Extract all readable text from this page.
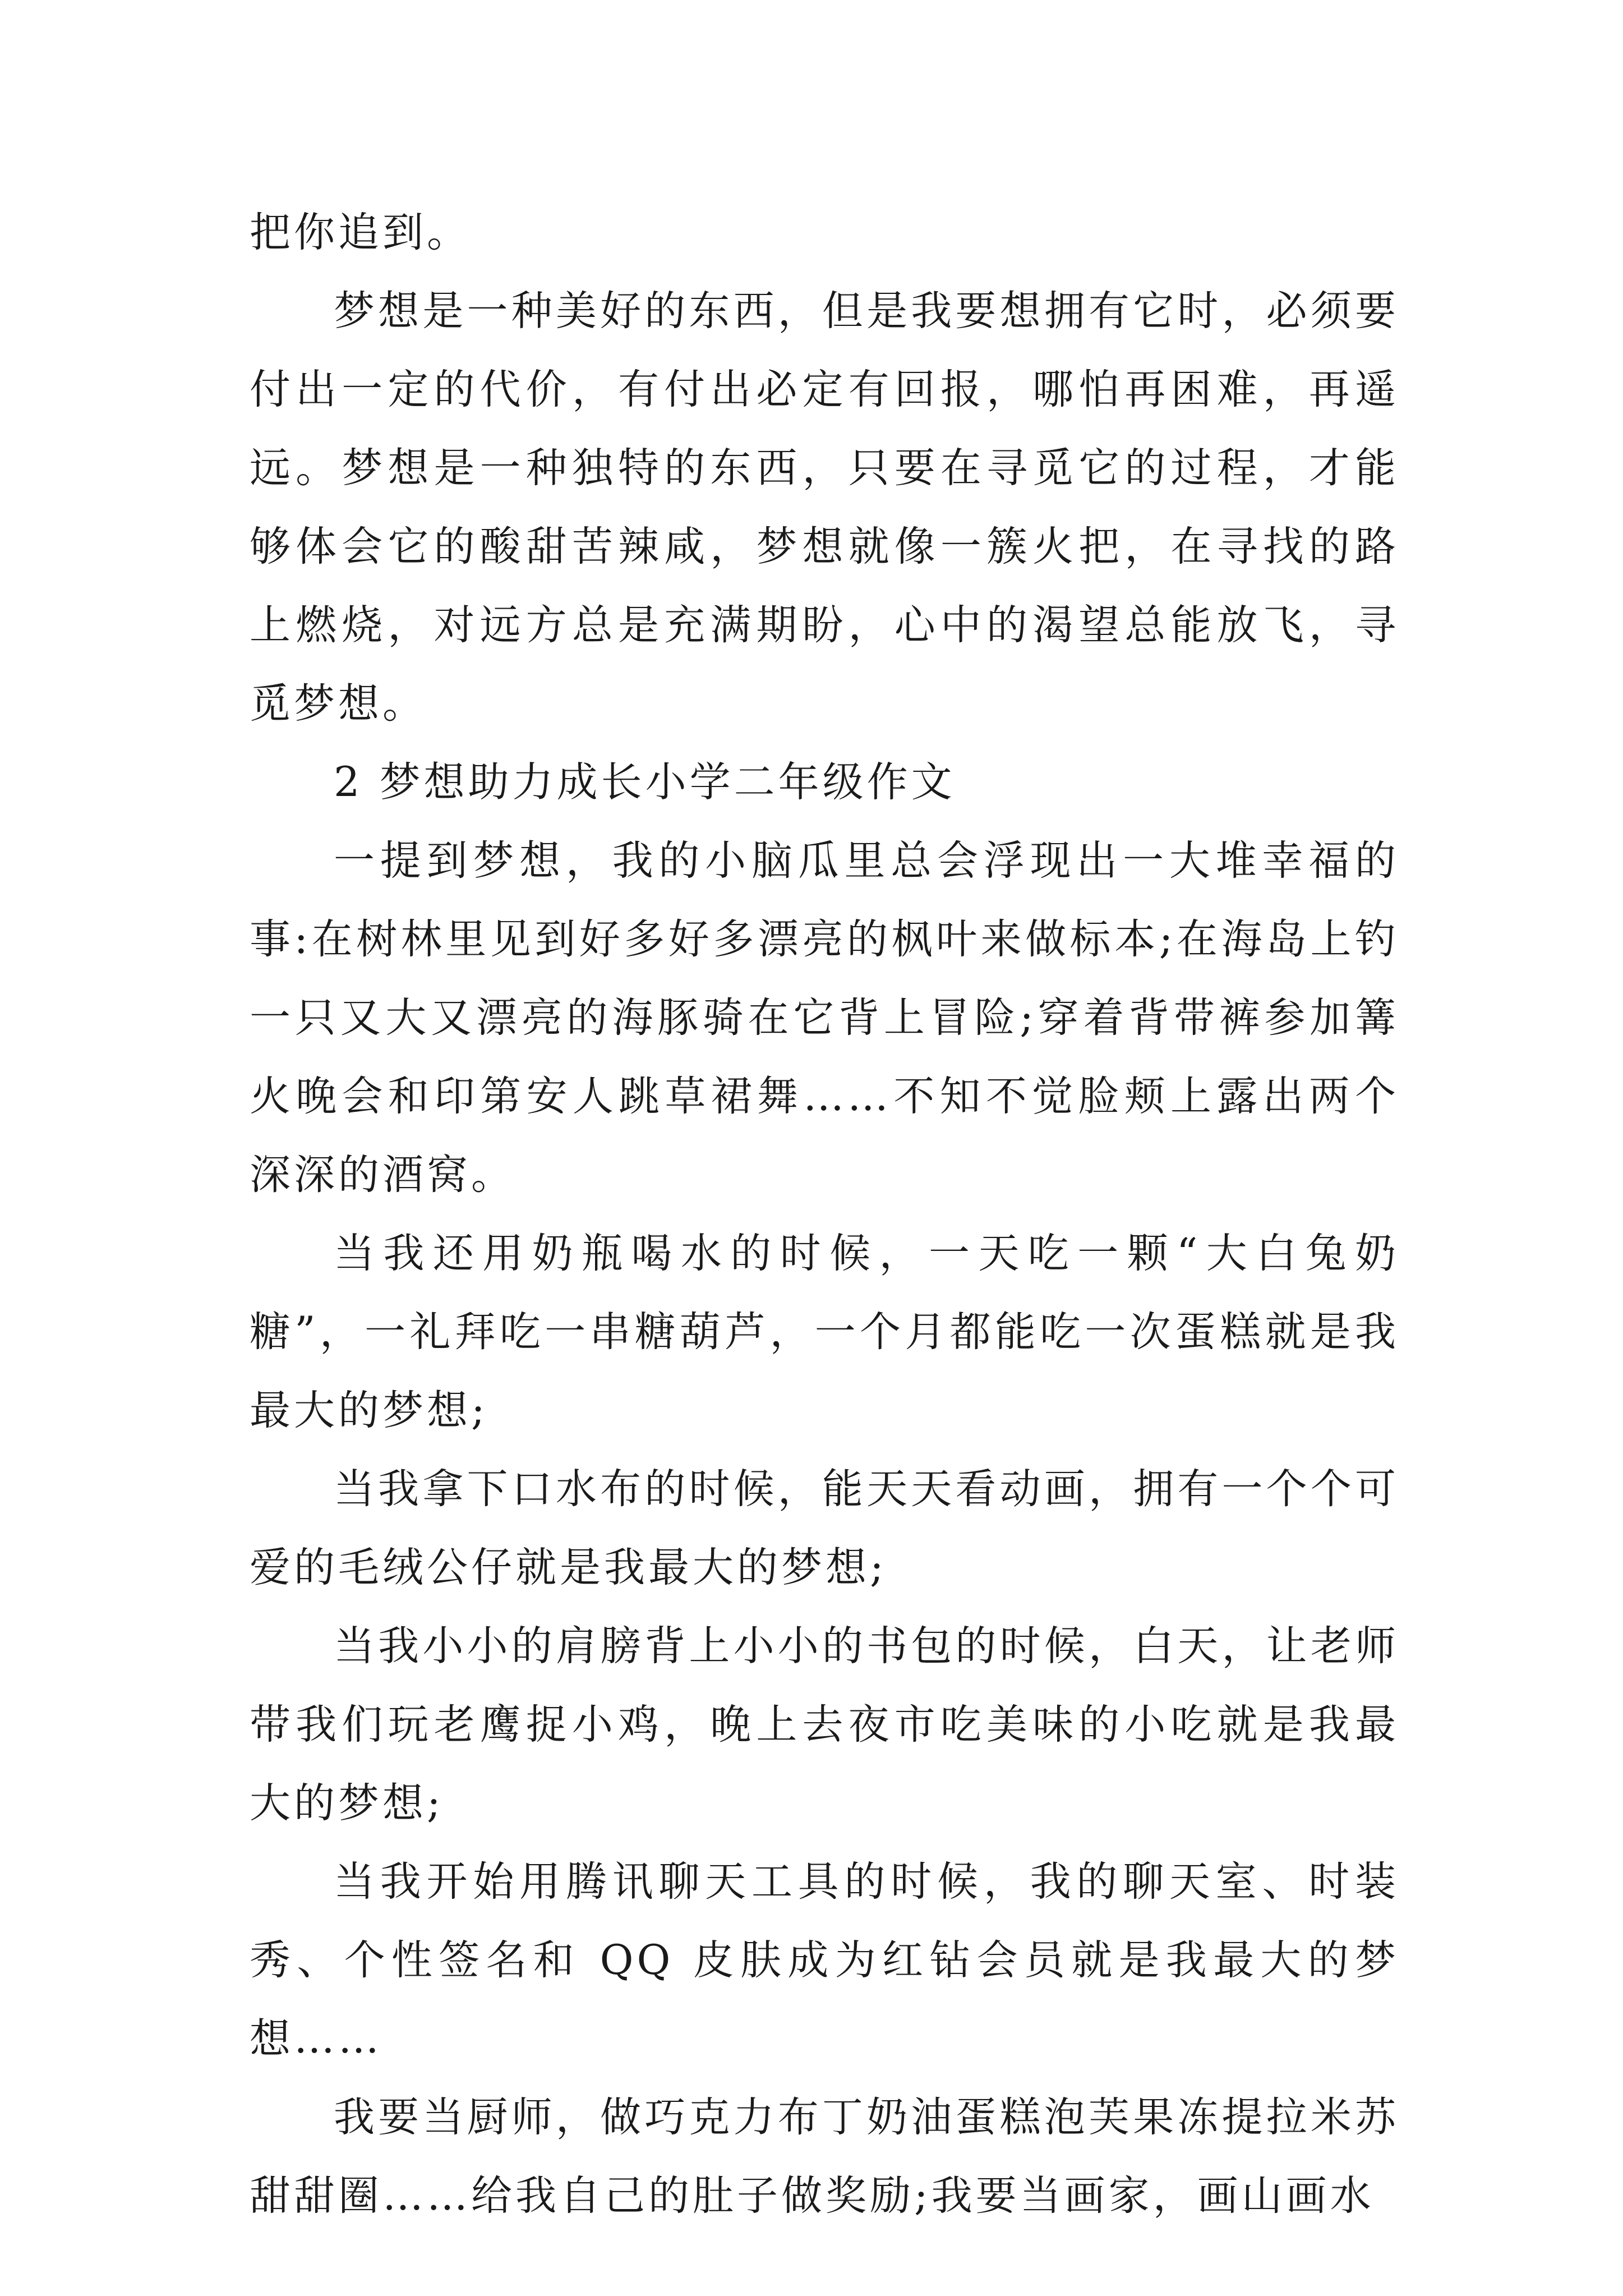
把你追到。

梦想是一种美好的东西，但是我要想拥有它时，必须要付出一定的代价，有付出必定有回报，哪怕再困难，再遥远。梦想是一种独特的东西，只要在寻觅它的过程，才能够体会它的酸甜苦辣咸，梦想就像一簇火把，在寻找的路上燃烧，对远方总是充满期盼，心中的渴望总能放飞，寻觅梦想。

2 梦想助力成长小学二年级作文

一提到梦想，我的小脑瓜里总会浮现出一大堆幸福的事:在树林里见到好多好多漂亮的枫叶来做标本;在海岛上钓一只又大又漂亮的海豚骑在它背上冒险;穿着背带裤参加篝火晚会和印第安人跳草裙舞……不知不觉脸颊上露出两个深深的酒窝。

当我还用奶瓶喝水的时候，一天吃一颗“大白兔奶糖”，一礼拜吃一串糖葫芦，一个月都能吃一次蛋糕就是我最大的梦想;

当我拿下口水布的时候，能天天看动画，拥有一个个可爱的毛绒公仔就是我最大的梦想;

当我小小的肩膀背上小小的书包的时候，白天，让老师带我们玩老鹰捉小鸡，晚上去夜市吃美味的小吃就是我最大的梦想;

当我开始用腾讯聊天工具的时候，我的聊天室、时装秀、个性签名和 QQ 皮肤成为红钻会员就是我最大的梦想……

我要当厨师，做巧克力布丁奶油蛋糕泡芙果冻提拉米苏甜甜圈……给我自己的肚子做奖励;我要当画家，画山画水
